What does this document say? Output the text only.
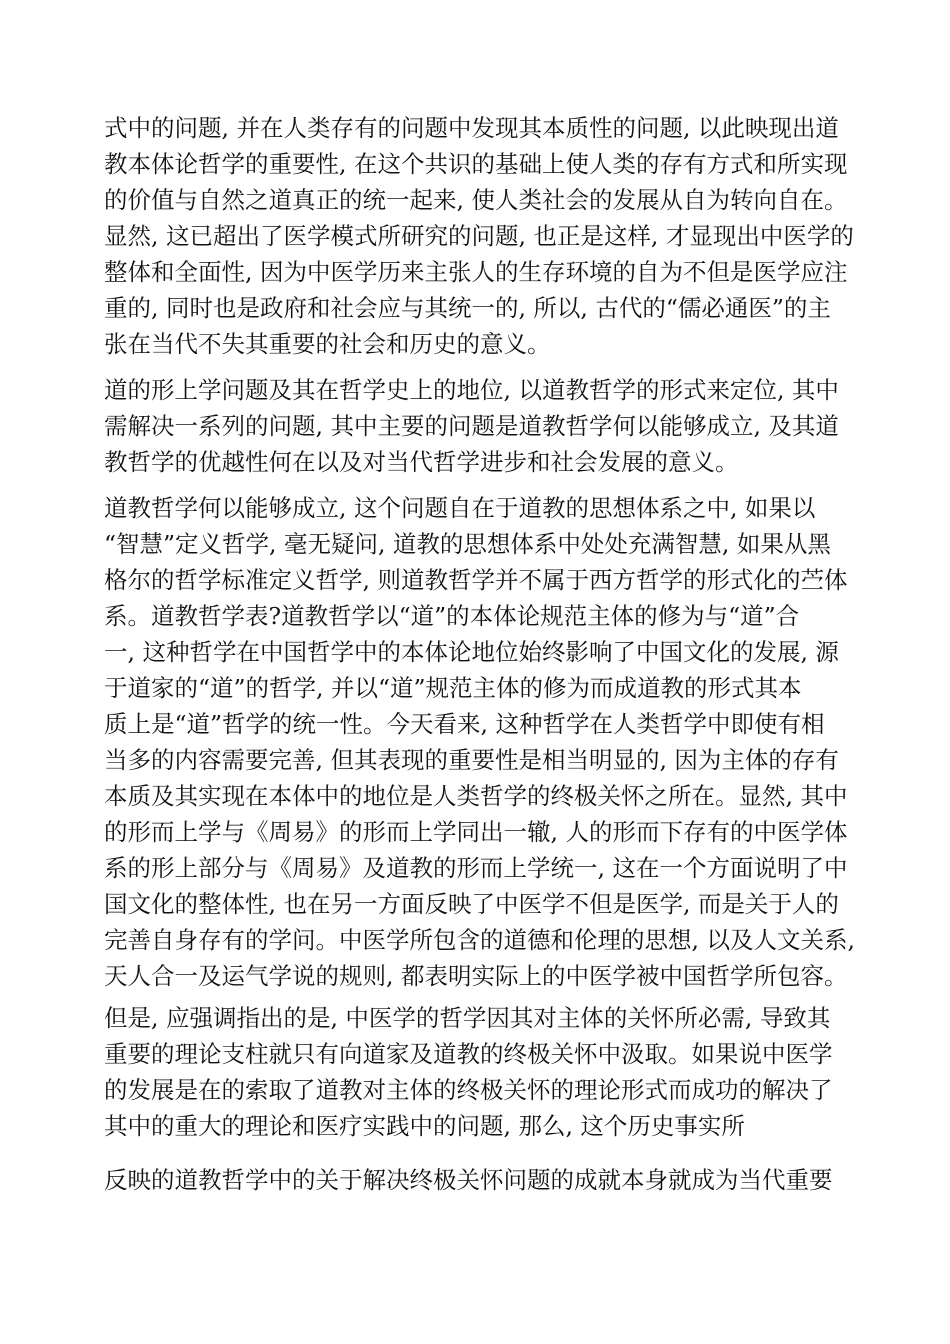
式中的问题, 并在人类存有的问题中发现其本质性的问题, 以此映现出道
教本体论哲学的重要性, 在这个共识的基础上使人类的存有方式和所实现
的价值与自然之道真正的统一起来, 使人类社会的发展从自为转向自在。
显然, 这已超出了医学模式所研究的问题, 也正是这样, 才显现出中医学的
整体和全面性, 因为中医学历来主张人的生存环境的自为不但是医学应注
重的, 同时也是政府和社会应与其统一的, 所以, 古代的“儒必通医”的主
张在当代不失其重要的社会和历史的意义。
道的形上学问题及其在哲学史上的地位, 以道教哲学的形式来定位, 其中
需解决一系列的问题, 其中主要的问题是道教哲学何以能够成立, 及其道
教哲学的优越性何在以及对当代哲学进步和社会发展的意义。
道教哲学何以能够成立, 这个问题自在于道教的思想体系之中, 如果以
“智慧”定义哲学, 毫无疑问, 道教的思想体系中处处充满智慧, 如果从黑
格尔的哲学标准定义哲学, 则道教哲学并不属于西方哲学的形式化的苎体
系。道教哲学表?道教哲学以“道”的本体论规范主体的修为与“道”合
一, 这种哲学在中国哲学中的本体论地位始终影响了中国文化的发展, 源
于道家的“道”的哲学, 并以“道”规范主体的修为而成道教的形式其本
质上是“道”哲学的统一性。今天看来, 这种哲学在人类哲学中即使有相
当多的内容需要完善, 但其表现的重要性是相当明显的, 因为主体的存有
本质及其实现在本体中的地位是人类哲学的终极关怀之所在。显然, 其中
的形而上学与《周易》的形而上学同出一辙, 人的形而下存有的中医学体
系的形上部分与《周易》及道教的形而上学统一, 这在一个方面说明了中
国文化的整体性, 也在另一方面反映了中医学不但是医学, 而是关于人的
完善自身存有的学问。中医学所包含的道德和伦理的思想, 以及人文关系,
天人合一及运气学说的规则, 都表明实际上的中医学被中国哲学所包容。
但是, 应强调指出的是, 中医学的哲学因其对主体的关怀所必需, 导致其
重要的理论支柱就只有向道家及道教的终极关怀中汲取。如果说中医学
的发展是在的索取了道教对主体的终极关怀的理论形式而成功的解决了
其中的重大的理论和医疗实践中的问题, 那么, 这个历史事实所
反映的道教哲学中的关于解决终极关怀问题的成就本身就成为当代重要
